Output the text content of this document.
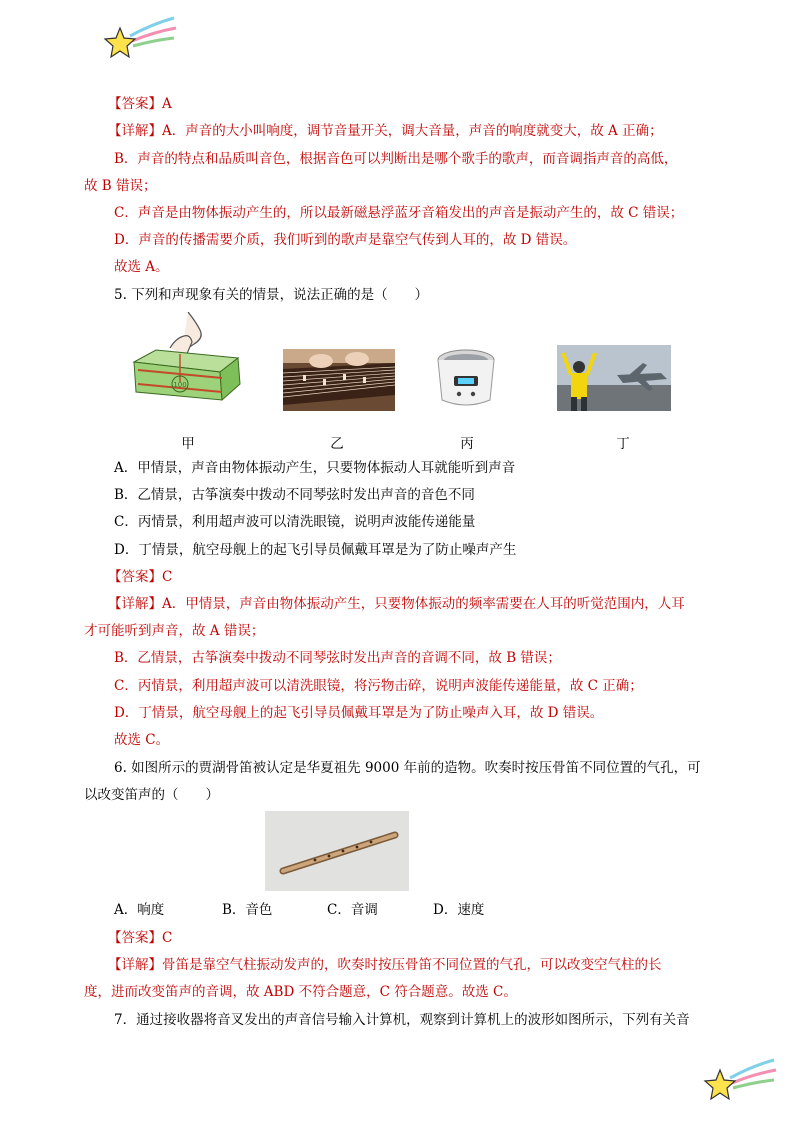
【答案】A
【详解】A．声音的大小叫响度，调节音量开关，调大音量，声音的响度就变大，故 A 正确；
B．声音的特点和品质叫音色，根据音色可以判断出是哪个歌手的歌声，而音调指声音的高低，
故 B 错误；
C．声音是由物体振动产生的，所以最新磁悬浮蓝牙音箱发出的声音是振动产生的，故 C 错误；
D．声音的传播需要介质，我们听到的歌声是靠空气传到人耳的，故 D 错误。
故选 A。
5. 下列和声现象有关的情景，说法正确的是（　　）
100
甲	乙	丙	丁
A．甲情景，声音由物体振动产生，只要物体振动人耳就能听到声音
B．乙情景，古筝演奏中拨动不同琴弦时发出声音的音色不同
C．丙情景，利用超声波可以清洗眼镜，说明声波能传递能量
D．丁情景，航空母舰上的起飞引导员佩戴耳罩是为了防止噪声产生
【答案】C
【详解】A．甲情景，声音由物体振动产生，只要物体振动的频率需要在人耳的听觉范围内，人耳
才可能听到声音，故 A 错误；
B．乙情景，古筝演奏中拨动不同琴弦时发出声音的音调不同，故 B 错误；
C．丙情景，利用超声波可以清洗眼镜，将污物击碎，说明声波能传递能量，故 C 正确；
D．丁情景，航空母舰上的起飞引导员佩戴耳罩是为了防止噪声入耳，故 D 错误。
故选 C。
6. 如图所示的贾湖骨笛被认定是华夏祖先 9000 年前的造物。吹奏时按压骨笛不同位置的气孔，可
以改变笛声的（　　）
A．响度	B．音色	C．音调	D．速度
【答案】C
【详解】骨笛是靠空气柱振动发声的，吹奏时按压骨笛不同位置的气孔，可以改变空气柱的长
度，进而改变笛声的音调，故 ABD 不符合题意，C 符合题意。故选 C。
7．通过接收器将音叉发出的声音信号输入计算机，观察到计算机上的波形如图所示，下列有关音
